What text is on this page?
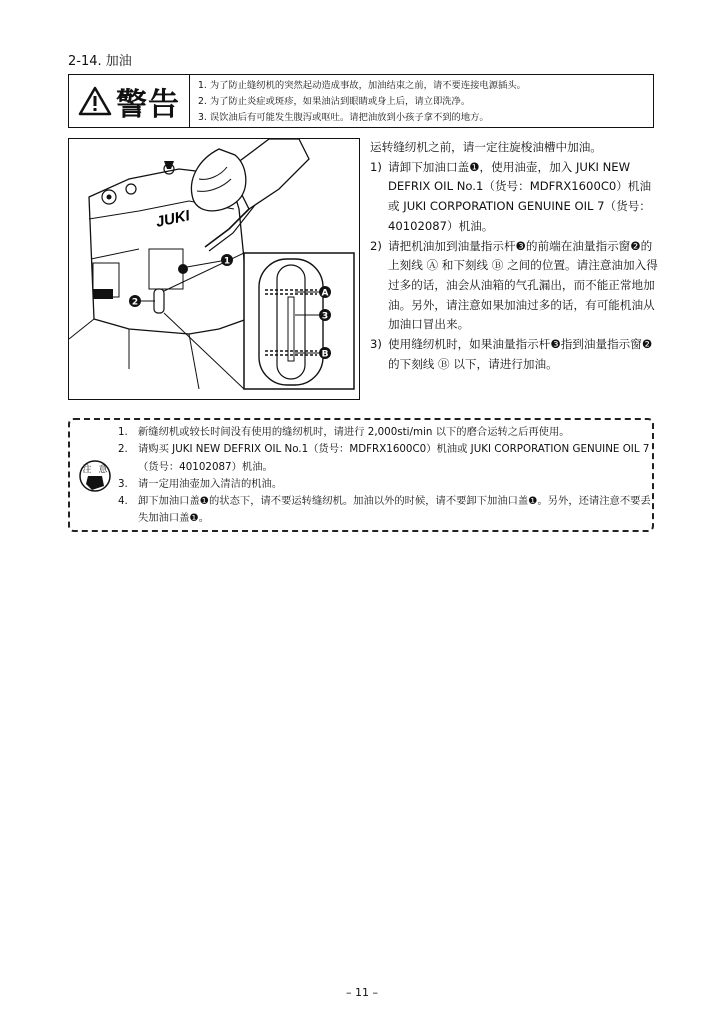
2-14. 加油
警告
1. 为了防止缝纫机的突然起动造成事故，加油结束之前，请不要连接电源插头。
2. 为了防止炎症或斑疹，如果油沾到眼睛或身上后，请立即洗净。
3. 误饮油后有可能发生腹泻或呕吐。请把油放到小孩子拿不到的地方。
JUKI
1
2
A
3
B

运转缝纫机之前，请一定往旋梭油槽中加油。

1) 请卸下加油口盖❶，使用油壶，加入 JUKI NEW DEFRIX OIL No.1（货号：MDFRX1600C0）机油或 JUKI CORPORATION GENUINE OIL 7（货号：40102087）机油。
2) 请把机油加到油量指示杆❸的前端在油量指示窗❷的上刻线 Ⓐ 和下刻线 Ⓑ 之间的位置。请注意油加入得过多的话，油会从油箱的气孔漏出，而不能正常地加油。另外，请注意如果加油过多的话，有可能机油从加油口冒出来。
3) 使用缝纫机时，如果油量指示杆❸指到油量指示窗❷的下刻线 Ⓑ 以下，请进行加油。
注 意
1. 新缝纫机或较长时间没有使用的缝纫机时，请进行 2,000sti/min 以下的磨合运转之后再使用。
2. 请购买 JUKI NEW DEFRIX OIL No.1（货号：MDFRX1600C0）机油或 JUKI CORPORATION GENUINE OIL 7（货号：40102087）机油。
3. 请一定用油壶加入清洁的机油。
4. 卸下加油口盖❶的状态下，请不要运转缝纫机。加油以外的时候，请不要卸下加油口盖❶。另外，还请注意不要丢失加油口盖❶。
– 11 –
